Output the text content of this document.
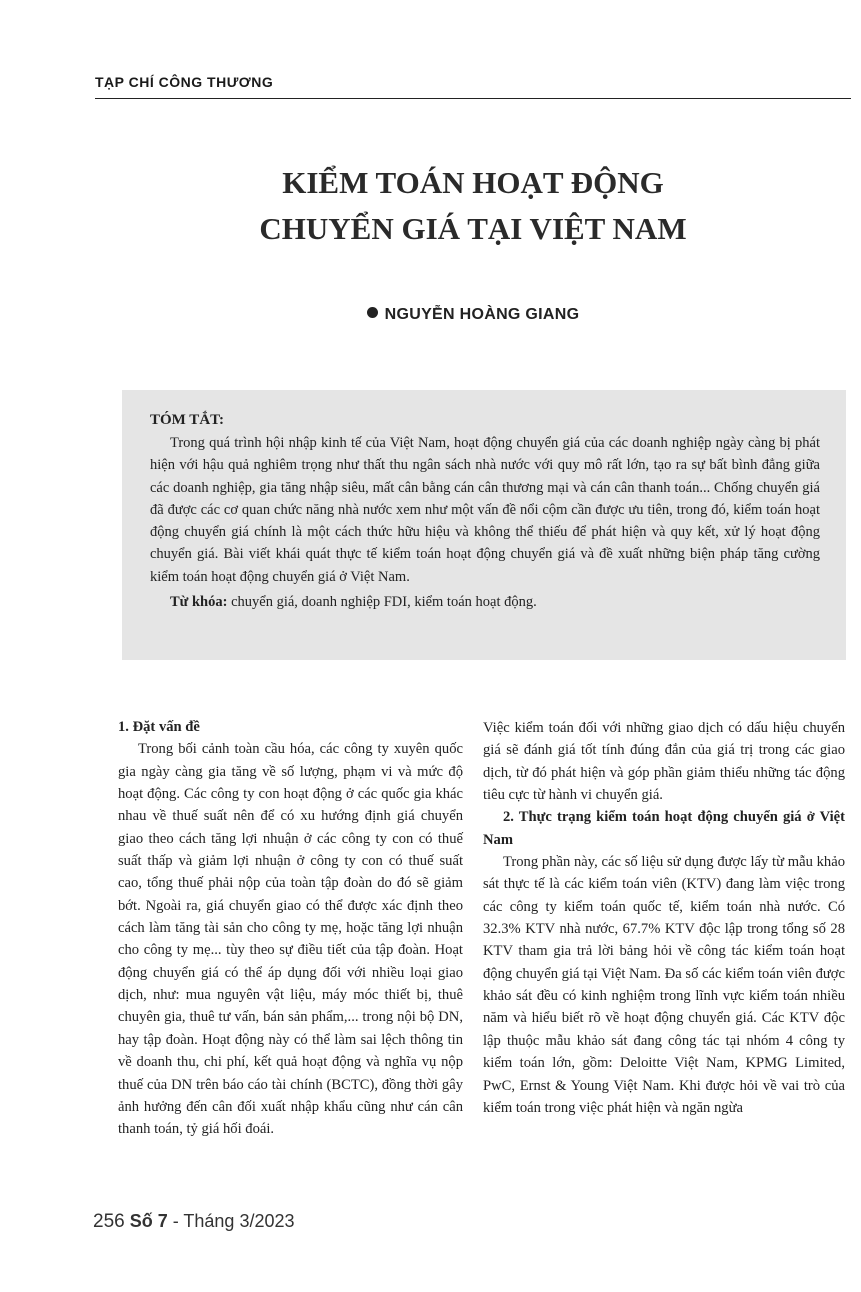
TẠP CHÍ CÔNG THƯƠNG
KIỂM TOÁN HOẠT ĐỘNG
CHUYỂN GIÁ TẠI VIỆT NAM
NGUYỄN HOÀNG GIANG
TÓM TẮT:

Trong quá trình hội nhập kinh tế của Việt Nam, hoạt động chuyển giá của các doanh nghiệp ngày càng bị phát hiện với hậu quả nghiêm trọng như thất thu ngân sách nhà nước với quy mô rất lớn, tạo ra sự bất bình đẳng giữa các doanh nghiệp, gia tăng nhập siêu, mất cân bằng cán cân thương mại và cán cân thanh toán... Chống chuyển giá đã được các cơ quan chức năng nhà nước xem như một vấn đề nổi cộm cần được ưu tiên, trong đó, kiểm toán hoạt động chuyển giá chính là một cách thức hữu hiệu và không thể thiếu để phát hiện và quy kết, xử lý hoạt động chuyển giá. Bài viết khái quát thực tế kiểm toán hoạt động chuyển giá và đề xuất những biện pháp tăng cường kiểm toán hoạt động chuyển giá ở Việt Nam.

Từ khóa: chuyển giá, doanh nghiệp FDI, kiểm toán hoạt động.
1. Đặt vấn đề

Trong bối cảnh toàn cầu hóa, các công ty xuyên quốc gia ngày càng gia tăng về số lượng, phạm vi và mức độ hoạt động. Các công ty con hoạt động ở các quốc gia khác nhau về thuế suất nên để có xu hướng định giá chuyển giao theo cách tăng lợi nhuận ở các công ty con có thuế suất thấp và giảm lợi nhuận ở công ty con có thuế suất cao, tổng thuế phải nộp của toàn tập đoàn do đó sẽ giảm bớt. Ngoài ra, giá chuyển giao có thể được xác định theo cách làm tăng tài sản cho công ty mẹ, hoặc tăng lợi nhuận cho công ty mẹ... tùy theo sự điều tiết của tập đoàn. Hoạt động chuyển giá có thể áp dụng đối với nhiều loại giao dịch, như: mua nguyên vật liệu, máy móc thiết bị, thuê chuyên gia, thuê tư vấn, bán sản phẩm,... trong nội bộ DN, hay tập đoàn. Hoạt động này có thể làm sai lệch thông tin về doanh thu, chi phí, kết quả hoạt động và nghĩa vụ nộp thuế của DN trên báo cáo tài chính (BCTC), đồng thời gây ảnh hưởng đến cân đối xuất nhập khẩu cũng như cán cân thanh toán, tỷ giá hối đoái.

Việc kiểm toán đối với những giao dịch có dấu hiệu chuyển giá sẽ đánh giá tốt tính đúng đắn của giá trị trong các giao dịch, từ đó phát hiện và góp phần giảm thiểu những tác động tiêu cực từ hành vi chuyển giá.

2. Thực trạng kiểm toán hoạt động chuyển giá ở Việt Nam

Trong phần này, các số liệu sử dụng được lấy từ mẫu khảo sát thực tế là các kiểm toán viên (KTV) đang làm việc trong các công ty kiểm toán quốc tế, kiểm toán nhà nước. Có 32.3% KTV nhà nước, 67.7% KTV độc lập trong tổng số 28 KTV tham gia trả lời bảng hỏi về công tác kiểm toán hoạt động chuyển giá tại Việt Nam. Đa số các kiểm toán viên được khảo sát đều có kinh nghiệm trong lĩnh vực kiểm toán nhiều năm và hiểu biết rõ về hoạt động chuyển giá. Các KTV độc lập thuộc mẫu khảo sát đang công tác tại nhóm 4 công ty kiểm toán lớn, gồm: Deloitte Việt Nam, KPMG Limited, PwC, Ernst & Young Việt Nam. Khi được hỏi về vai trò của kiểm toán trong việc phát hiện và ngăn ngừa

256 Số 7 - Tháng 3/2023
